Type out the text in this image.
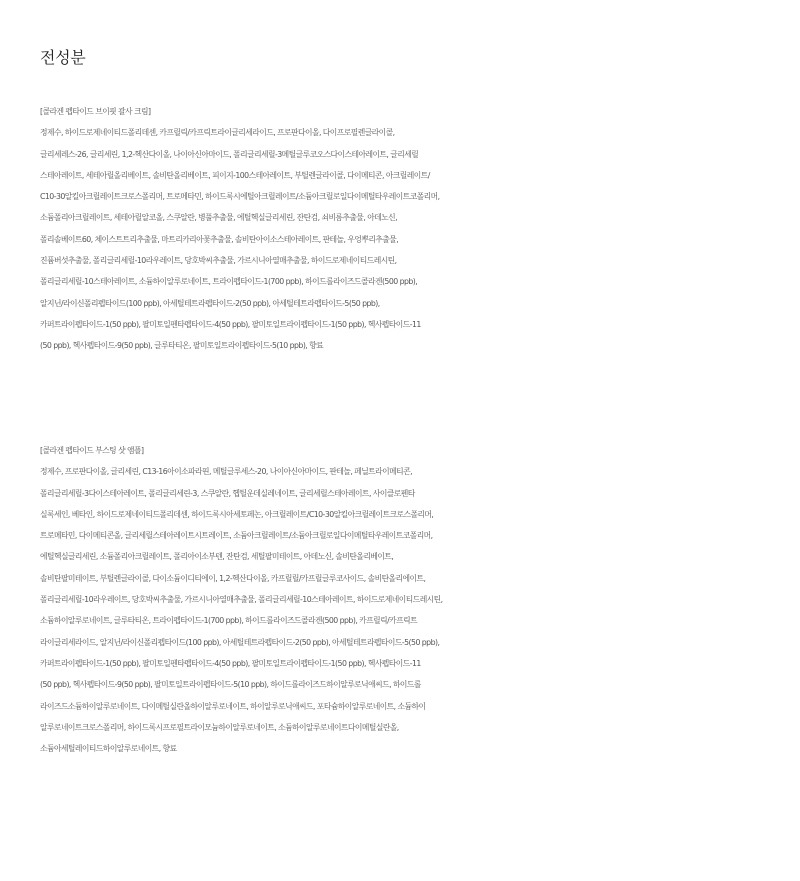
전성분
[콜라겐 펩타이드 브이핏 괄사 크림]
정제수, 하이드로제네이티드폴리데센, 카프릴릭/카프릭트라이글리세라이드, 프로판다이올, 다이프로필렌글라이콜,
글리세레스-26, 글리세린, 1,2-헥산다이올, 나이아신아마이드, 폴리글리세릴-3메틸글루코오스다이스테아레이트, 글리세릴
스테아레이트, 세테아릴올리베이트, 솔비탄올리베이트, 피이지-100스테아레이트, 부틸렌글라이콜, 다이메티콘, 아크릴레이트/
C10-30알킬아크릴레이트크로스폴리머, 트로메타민, 하이드록시에틸아크릴레이트/소듐아크릴로일다이메틸타우레이트코폴리머,
소듐폴리아크릴레이트, 세테아릴알코올, 스쿠알란, 병풀추출물, 에틸헥실글리세린, 잔탄검, 쇠비름추출물, 아데노신,
폴리솔베이트60, 체이스트트리추출물, 마트리카리아꽃추출물, 솔비탄아이소스테아레이트, 판테놀, 우엉뿌리추출물,
진퓸버섯추출물, 폴리글리세릴-10라우레이트, 당호박씨추출물, 가르시니아열매추출물, 하이드로제네이티드레시틴,
폴리글리세릴-10스테아레이트, 소듐하이알루로네이트, 트라이펩타이드-1(700 ppb), 하이드롤라이즈드콜라겐(500 ppb),
알지닌/라이신폴리펩타이드(100 ppb), 아세틸테트라펩타이드-2(50 ppb), 아세틸테트라펩타이드-5(50 ppb),
카퍼트라이펩타이드-1(50 ppb), 팔미토일펜타펩타이드-4(50 ppb), 팔미토일트라이펩타이드-1(50 ppb), 헥사펩타이드-11
(50 ppb), 헥사펩타이드-9(50 ppb), 글루타티온, 팔미토일트라이펩타이드-5(10 ppb), 향료
[콜라겐 펩타이드 부스팅 샷 앰플]
정제수, 프로판다이올, 글리세린, C13-16아이소파라핀, 메틸글루세스-20, 나이아신아마이드, 판테놀, 페닐트라이메티콘,
폴리글리세릴-3다이스테아레이트, 폴리글리세린-3, 스쿠알란, 헵틸운데실레네이트, 글리세릴스테아레이트, 사이클로펜타
실록세인, 베타인, 하이드로제네이티드폴리데센, 하이드록시아세토페논, 아크릴레이트/C10-30알킬아크릴레이트크로스폴리머,
트로메타민, 다이메티콘올, 글리세릴스테아레이트시트레이트, 소듐아크릴레이트/소듐아크릴로일다이메틸타우레이트코폴리머,
에틸헥실글리세린, 소듐폴리아크릴레이트, 폴리아이소부텐, 잔탄검, 세틸팔미테이트, 아데노신, 솔비탄올리베이트,
솔비탄팔미테이트, 부틸렌글라이콜, 다이소듐이디티에이, 1,2-헥산다이올, 카프릴릴/카프릴글루코사이드, 솔비탄올리에이트,
폴리글리세릴-10라우레이트, 당호박씨추출물, 가르시니아열매추출물, 폴리글리세릴-10스테아레이트, 하이드로제네이티드레시틴,
소듐하이알루로네이트, 글루타티온, 트라이펩타이드-1(700 ppb), 하이드롤라이즈드콜라겐(500 ppb), 카프릴릭/카프릭트
라이글리세라이드, 알지닌/라이신폴리펩타이드(100 ppb), 아세틸테트라펩타이드-2(50 ppb), 아세틸테트라펩타이드-5(50 ppb),
카퍼트라이펩타이드-1(50 ppb), 팔미토일펜타펩타이드-4(50 ppb), 팔미토일트라이펩타이드-1(50 ppb), 헥사펩타이드-11
(50 ppb), 헥사펩타이드-9(50 ppb), 팔미토일트라이펩타이드-5(10 ppb), 하이드롤라이즈드하이알루로닉애씨드, 하이드롤
라이즈드소듐하이알루로네이트, 다이메틸실란올하이알루로네이트, 하이알루로닉애씨드, 포타슘하이알루로네이트, 소듐하이
알루로네이트크로스폴리머, 하이드록시프로필트라이모늄하이알루로네이트, 소듐하이알루로네이트다이메틸실란올,
소듐아세틸레이티드하이알루로네이트, 향료
